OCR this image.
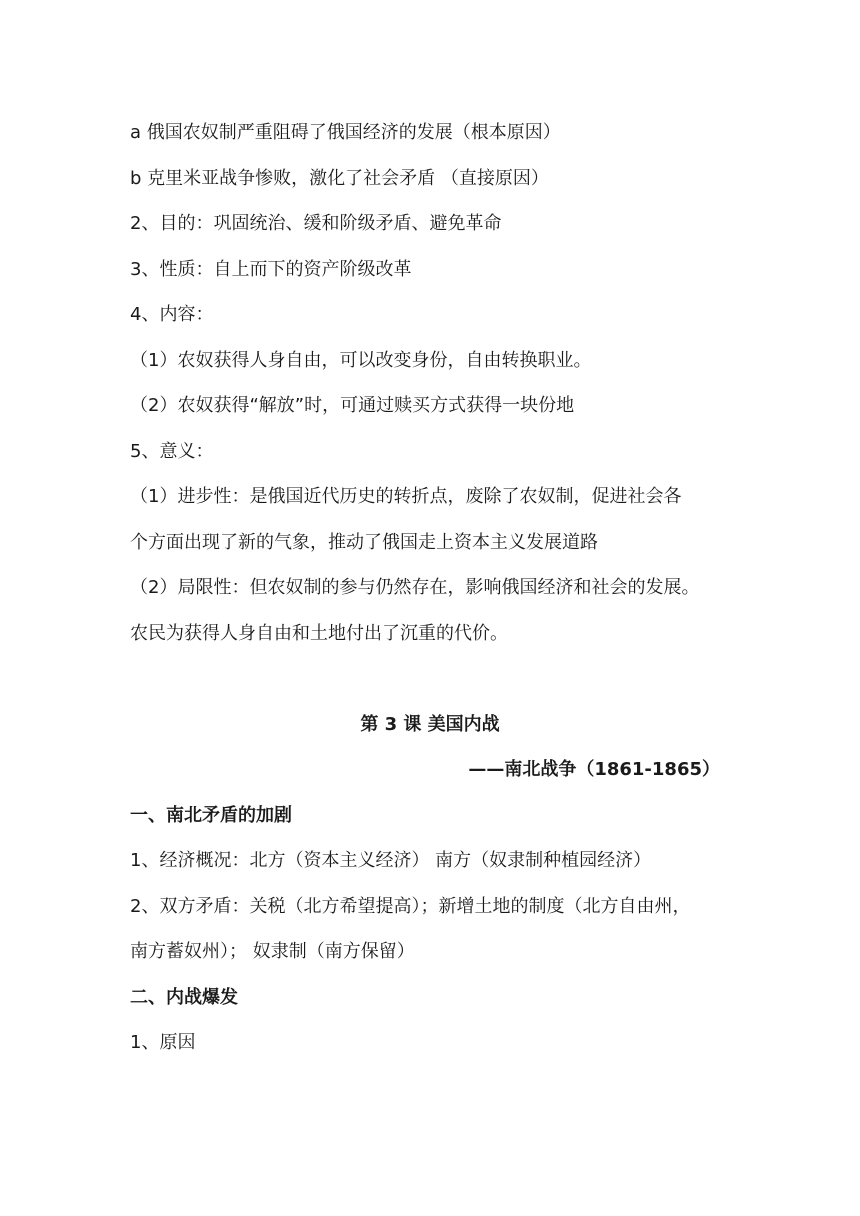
a 俄国农奴制严重阻碍了俄国经济的发展（根本原因）
b 克里米亚战争惨败，激化了社会矛盾 （直接原因）
2、目的：巩固统治、缓和阶级矛盾、避免革命
3、性质：自上而下的资产阶级改革
4、内容：
（1）农奴获得人身自由，可以改变身份，自由转换职业。
（2）农奴获得“解放”时，可通过赎买方式获得一块份地
5、意义：
（1）进步性：是俄国近代历史的转折点，废除了农奴制，促进社会各
个方面出现了新的气象，推动了俄国走上资本主义发展道路
（2）局限性：但农奴制的参与仍然存在，影响俄国经济和社会的发展。
农民为获得人身自由和土地付出了沉重的代价。
第 3 课 美国内战
——南北战争（1861-1865）
一、南北矛盾的加剧
1、经济概况：北方（资本主义经济） 南方（奴隶制种植园经济）
2、双方矛盾：关税（北方希望提高）；新增土地的制度（北方自由州，
南方蓄奴州）； 奴隶制（南方保留）
二、内战爆发
1、原因
